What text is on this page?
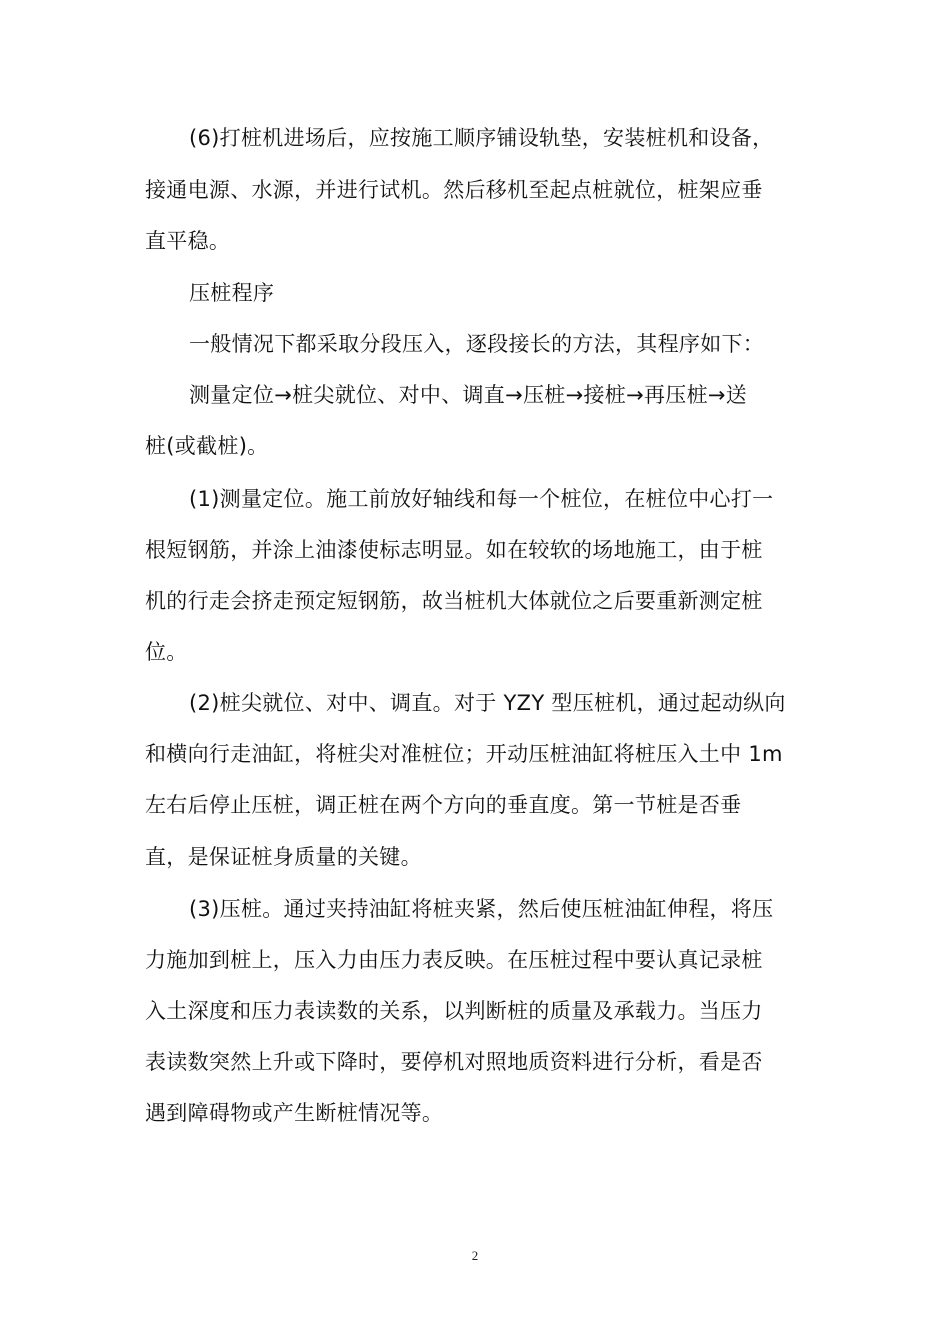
(6)打桩机进场后，应按施工顺序铺设轨垫，安装桩机和设备，
接通电源、水源，并进行试机。然后移机至起点桩就位，桩架应垂
直平稳。
压桩程序
一般情况下都采取分段压入，逐段接长的方法，其程序如下：
测量定位→桩尖就位、对中、调直→压桩→接桩→再压桩→送
桩(或截桩)。
(1)测量定位。施工前放好轴线和每一个桩位，在桩位中心打一
根短钢筋，并涂上油漆使标志明显。如在较软的场地施工，由于桩
机的行走会挤走预定短钢筋，故当桩机大体就位之后要重新测定桩
位。
(2)桩尖就位、对中、调直。对于 YZY 型压桩机，通过起动纵向
和横向行走油缸，将桩尖对准桩位；开动压桩油缸将桩压入土中 1m
左右后停止压桩，调正桩在两个方向的垂直度。第一节桩是否垂
直，是保证桩身质量的关键。
(3)压桩。通过夹持油缸将桩夹紧，然后使压桩油缸伸程，将压
力施加到桩上，压入力由压力表反映。在压桩过程中要认真记录桩
入土深度和压力表读数的关系，以判断桩的质量及承载力。当压力
表读数突然上升或下降时，要停机对照地质资料进行分析，看是否
遇到障碍物或产生断桩情况等。
2
